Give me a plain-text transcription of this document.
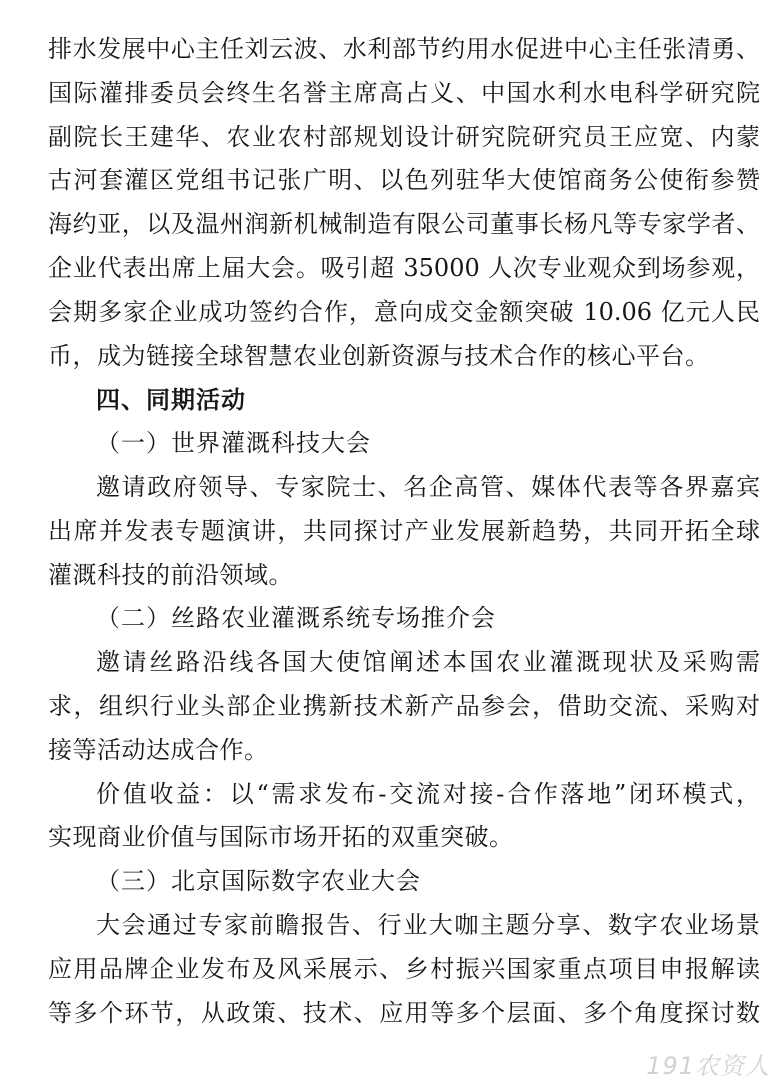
排水发展中心主任刘云波、水利部节约用水促进中心主任张清勇、
国际灌排委员会终生名誉主席高占义、中国水利水电科学研究院
副院长王建华、农业农村部规划设计研究院研究员王应宽、内蒙
古河套灌区党组书记张广明、以色列驻华大使馆商务公使衔参赞
海约亚，以及温州润新机械制造有限公司董事长杨凡等专家学者、
企业代表出席上届大会。吸引超 35000 人次专业观众到场参观，
会期多家企业成功签约合作，意向成交金额突破 10.06 亿元人民
币，成为链接全球智慧农业创新资源与技术合作的核心平台。
四、同期活动
（一）世界灌溉科技大会
邀请政府领导、专家院士、名企高管、媒体代表等各界嘉宾
出席并发表专题演讲，共同探讨产业发展新趋势，共同开拓全球
灌溉科技的前沿领域。
（二）丝路农业灌溉系统专场推介会
邀请丝路沿线各国大使馆阐述本国农业灌溉现状及采购需
求，组织行业头部企业携新技术新产品参会，借助交流、采购对
接等活动达成合作。
价值收益：以“需求发布-交流对接-合作落地”闭环模式，
实现商业价值与国际市场开拓的双重突破。
（三）北京国际数字农业大会
大会通过专家前瞻报告、行业大咖主题分享、数字农业场景
应用品牌企业发布及风采展示、乡村振兴国家重点项目申报解读
等多个环节，从政策、技术、应用等多个层面、多个角度探讨数
191农资人
